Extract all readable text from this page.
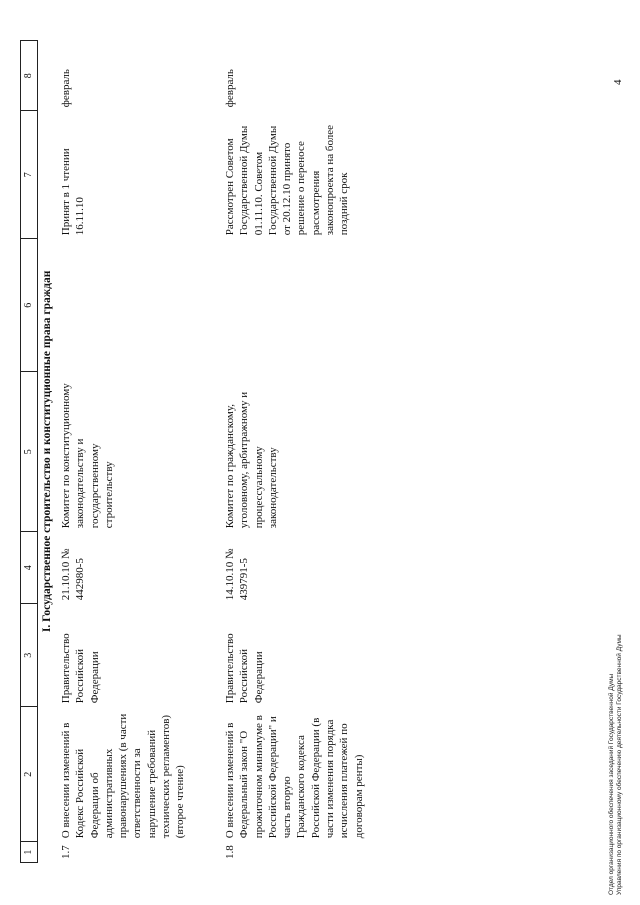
1	2	3	4	5	6	7	8
I. Государственное строительство и конституционные права граждан							
1.7	О внесении изменений в Кодекс Российской Федерации об административных правонарушениях (в части ответственности за нарушение требований технических регламентов) (второе чтение)	Правительство Российской Федерации	21.10.10 № 442980-5	Комитет по конституционному законодательству и государственному строительству		Принят в 1 чтении 16.11.10	февраль
1.8	О внесении изменений в Федеральный закон "О прожиточном минимуме в Российской Федерации" и часть вторую Гражданского кодекса Российской Федерации (в части изменения порядка исчисления платежей по договорам ренты)	Правительство Российской Федерации	14.10.10 № 439791-5	Комитет по гражданскому, уголовному, арбитражному и процессуальному законодательству		Рассмотрен Советом Государственной Думы 01.11.10. Советом Государственной Думы от 20.12.10 принято решение о переносе рассмотрения законопроекта на более поздний срок	февраль	4
Отдел организационного обеспечения заседаний Государственной Думы Управления по организационному обеспечению деятельности Государственной Думы
